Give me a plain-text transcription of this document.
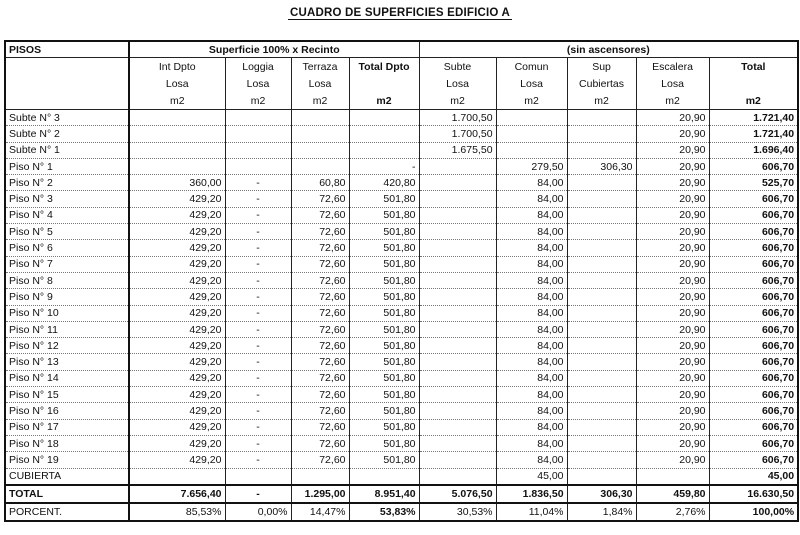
CUADRO DE SUPERFICIES EDIFICIO A
PISOS	Superficie 100% x Recinto				(sin ascensores)				
	Int Dpto	Loggia	Terraza	Total Dpto	Subte	Comun	Sup	Escalera	Total
	Losa	Losa	Losa		Losa	Losa	Cubiertas	Losa	
	m2	m2	m2	m2	m2	m2	m2	m2	m2
Subte N° 3					1.700,50			20,90	1.721,40
Subte N° 2					1.700,50			20,90	1.721,40
Subte N° 1					1.675,50			20,90	1.696,40
Piso N° 1				-		279,50	306,30	20,90	606,70
Piso N° 2	360,00	-	60,80	420,80		84,00		20,90	525,70
Piso N° 3	429,20	-	72,60	501,80		84,00		20,90	606,70
Piso N° 4	429,20	-	72,60	501,80		84,00		20,90	606,70
Piso N° 5	429,20	-	72,60	501,80		84,00		20,90	606,70
Piso N° 6	429,20	-	72,60	501,80		84,00		20,90	606,70
Piso N° 7	429,20	-	72,60	501,80		84,00		20,90	606,70
Piso N° 8	429,20	-	72,60	501,80		84,00		20,90	606,70
Piso N° 9	429,20	-	72,60	501,80		84,00		20,90	606,70
Piso N° 10	429,20	-	72,60	501,80		84,00		20,90	606,70
Piso N° 11	429,20	-	72,60	501,80		84,00		20,90	606,70
Piso N° 12	429,20	-	72,60	501,80		84,00		20,90	606,70
Piso N° 13	429,20	-	72,60	501,80		84,00		20,90	606,70
Piso N° 14	429,20	-	72,60	501,80		84,00		20,90	606,70
Piso N° 15	429,20	-	72,60	501,80		84,00		20,90	606,70
Piso N° 16	429,20	-	72,60	501,80		84,00		20,90	606,70
Piso N° 17	429,20	-	72,60	501,80		84,00		20,90	606,70
Piso N° 18	429,20	-	72,60	501,80		84,00		20,90	606,70
Piso N° 19	429,20	-	72,60	501,80		84,00		20,90	606,70
CUBIERTA						45,00			45,00
TOTAL	7.656,40	-	1.295,00	8.951,40	5.076,50	1.836,50	306,30	459,80	16.630,50
PORCENT.	85,53%	0,00%	14,47%	53,83%	30,53%	11,04%	1,84%	2,76%	100,00%
